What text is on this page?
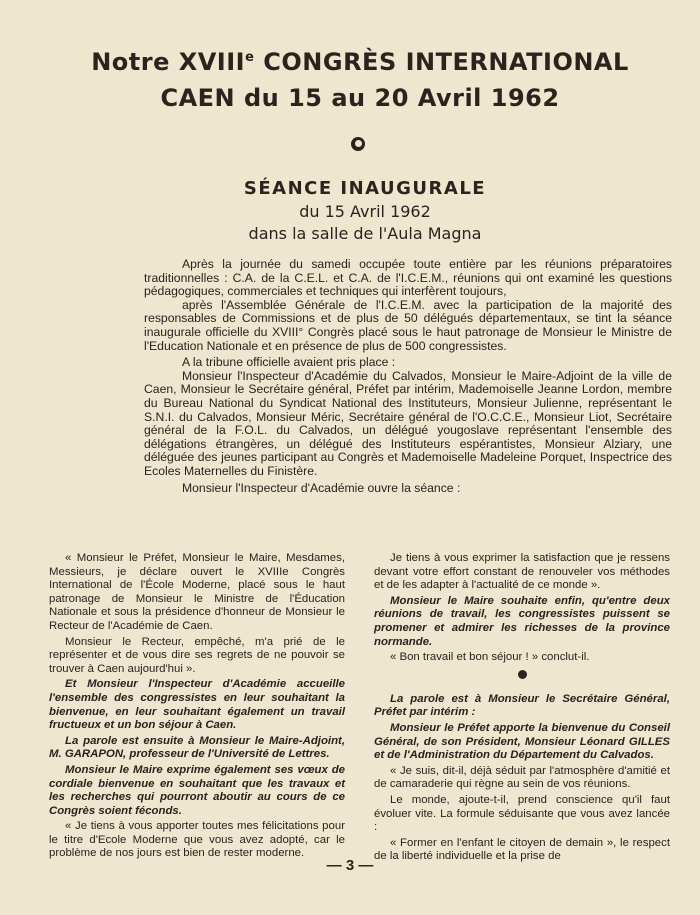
Notre XVIIIe CONGRÈS INTERNATIONAL
CAEN du 15 au 20 Avril 1962
SÉANCE INAUGURALE
du 15 Avril 1962
dans la salle de l'Aula Magna

Après la journée du samedi occupée toute entière par les réunions préparatoires traditionnelles : C.A. de la C.E.L. et C.A. de l'I.C.E.M., réunions qui ont examiné les questions pédagogiques, commerciales et techniques qui interfèrent toujours,

après l'Assemblée Générale de l'I.C.E.M. avec la participation de la majorité des responsables de Commissions et de plus de 50 délégués départementaux, se tint la séance inaugurale officielle du XVIII° Congrès placé sous le haut patronage de Monsieur le Ministre de l'Education Nationale et en présence de plus de 500 congressistes.

A la tribune officielle avaient pris place :

Monsieur l'Inspecteur d'Académie du Calvados, Monsieur le Maire-Adjoint de la ville de Caen, Monsieur le Secrétaire général, Préfet par intérim, Mademoiselle Jeanne Lordon, membre du Bureau National du Syndicat National des Instituteurs, Monsieur Julienne, représentant le S.N.I. du Calvados, Monsieur Méric, Secrétaire général de l'O.C.C.E., Monsieur Liot, Secrétaire général de la F.O.L. du Calvados, un délégué yougoslave représentant l'ensemble des délégations étrangères, un délégué des Instituteurs espérantistes, Monsieur Alziary, une déléguée des jeunes participant au Congrès et Mademoiselle Madeleine Porquet, Inspectrice des Ecoles Maternelles du Finistère.

Monsieur l'Inspecteur d'Académie ouvre la séance :

« Monsieur le Préfet, Monsieur le Maire, Mesdames, Messieurs, je déclare ouvert le XVIIIe Congrès International de l'École Moderne, placé sous le haut patronage de Monsieur le Ministre de l'Éducation Nationale et sous la présidence d'honneur de Monsieur le Recteur de l'Académie de Caen.

Monsieur le Recteur, empêché, m'a prié de le représenter et de vous dire ses regrets de ne pouvoir se trouver à Caen aujourd'hui ».

Et Monsieur l'Inspecteur d'Académie accueille l'ensemble des congressistes en leur souhaitant la bienvenue, en leur souhaitant également un travail fructueux et un bon séjour à Caen.

La parole est ensuite à Monsieur le Maire-Adjoint, M. GARAPON, professeur de l'Université de Lettres.

Monsieur le Maire exprime également ses vœux de cordiale bienvenue en souhaitant que les travaux et les recherches qui pourront aboutir au cours de ce Congrès soient féconds.

« Je tiens à vous apporter toutes mes félicitations pour le titre d'Ecole Moderne que vous avez adopté, car le problème de nos jours est bien de rester moderne.

Je tiens à vous exprimer la satisfaction que je ressens devant votre effort constant de renouveler vos méthodes et de les adapter à l'actualité de ce monde ».

Monsieur le Maire souhaite enfin, qu'entre deux réunions de travail, les congressistes puissent se promener et admirer les richesses de la province normande.

« Bon travail et bon séjour ! » conclut-il.

La parole est à Monsieur le Secrétaire Général, Préfet par intérim :

Monsieur le Préfet apporte la bienvenue du Conseil Général, de son Président, Monsieur Léonard GILLES et de l'Administration du Département du Calvados.

« Je suis, dit-il, déjà séduit par l'atmosphère d'amitié et de camaraderie qui règne au sein de vos réunions.

Le monde, ajoute-t-il, prend conscience qu'il faut évoluer vite. La formule séduisante que vous avez lancée :

« Former en l'enfant le citoyen de demain », le respect de la liberté individuelle et la prise de

— 3 —
